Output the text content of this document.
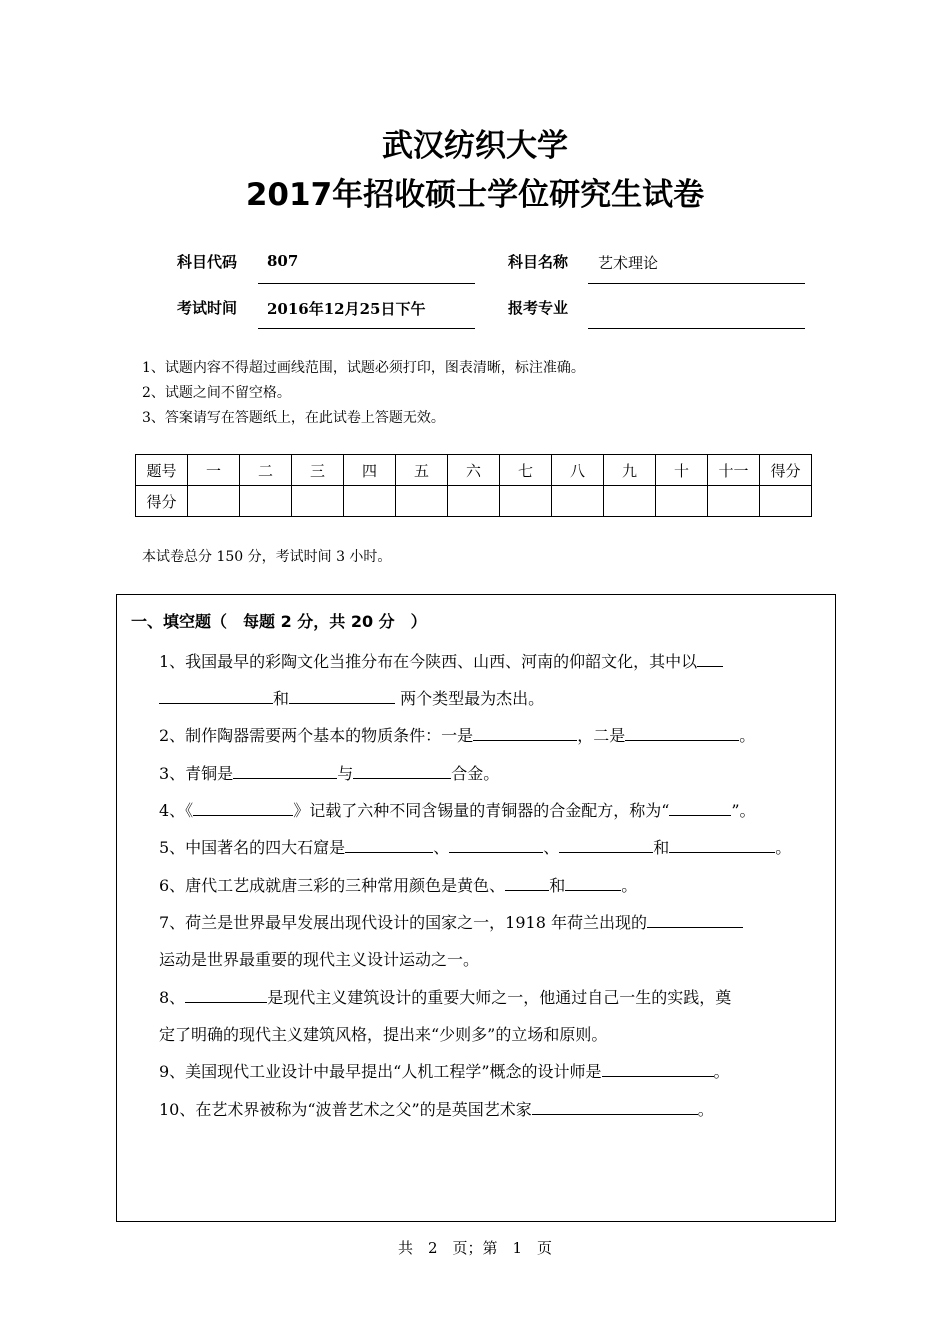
武汉纺织大学
2017年招收硕士学位研究生试卷
科目代码 807	科目名称 艺术理论
考试时间 2016年12月25日下午	报考专业
1、试题内容不得超过画线范围，试题必须打印，图表清晰，标注准确。
2、试题之间不留空格。
3、答案请写在答题纸上，在此试卷上答题无效。
题号	一	二	三	四	五	六	七	八	九	十	十一	得分
得分												
本试卷总分 150 分，考试时间 3 小时。
一、填空题（　每题 2 分，共 20 分　）
1、我国最早的彩陶文化当推分布在今陕西、山西、河南的仰韶文化，其中以
和	两个类型最为杰出。
2、制作陶器需要两个基本的物质条件：一是	，二是	。
3、青铜是	与	合金。
4、《	》记载了六种不同含锡量的青铜器的合金配方，称为“	”。
5、中国著名的四大石窟是	、	、	和	。
6、唐代工艺成就唐三彩的三种常用颜色是黄色、	和	。
7、荷兰是世界最早发展出现代设计的国家之一，1918 年荷兰出现的
运动是世界最重要的现代主义设计运动之一。
8、	是现代主义建筑设计的重要大师之一，他通过自己一生的实践，奠
定了明确的现代主义建筑风格，提出来“少则多”的立场和原则。
9、美国现代工业设计中最早提出“人机工程学”概念的设计师是	。
10、在艺术界被称为“波普艺术之父”的是英国艺术家	。
共　2　页；第　1　页
